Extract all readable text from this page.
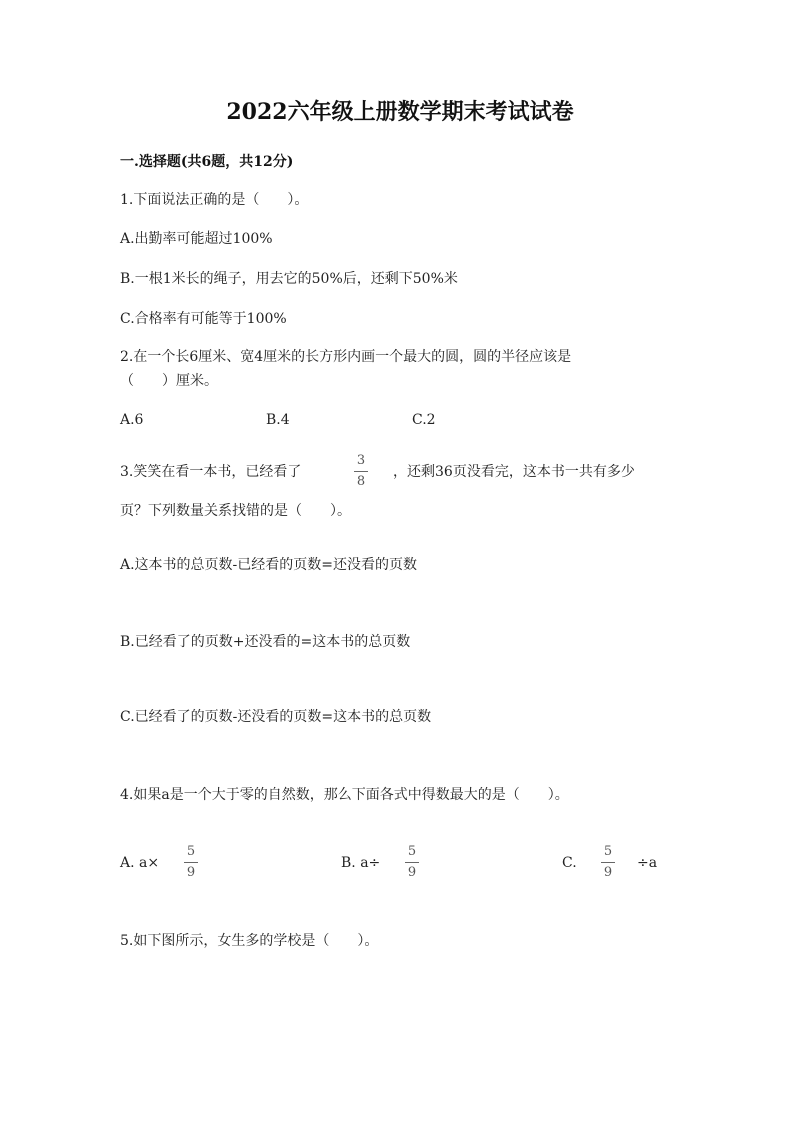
2022六年级上册数学期末考试试卷
一.选择题(共6题，共12分)
1.下面说法正确的是（　　）。
A.出勤率可能超过100%
B.一根1米长的绳子，用去它的50%后，还剩下50%米
C.合格率有可能等于100%
2.在一个长6厘米、宽4厘米的长方形内画一个最大的圆，圆的半径应该是
（　　）厘米。
A.6	B.4	C.2
3.笑笑在看一本书，已经看了
3
8
，还剩36页没看完，这本书一共有多少
页？下列数量关系找错的是（　　）。
A.这本书的总页数-已经看的页数=还没看的页数
B.已经看了的页数+还没看的=这本书的总页数
C.已经看了的页数-还没看的页数=这本书的总页数
4.如果a是一个大于零的自然数，那么下面各式中得数最大的是（　　）。
A. a×
5
9
B. a÷
5
9
C.
5
9
÷a
5.如下图所示，女生多的学校是（　　）。
